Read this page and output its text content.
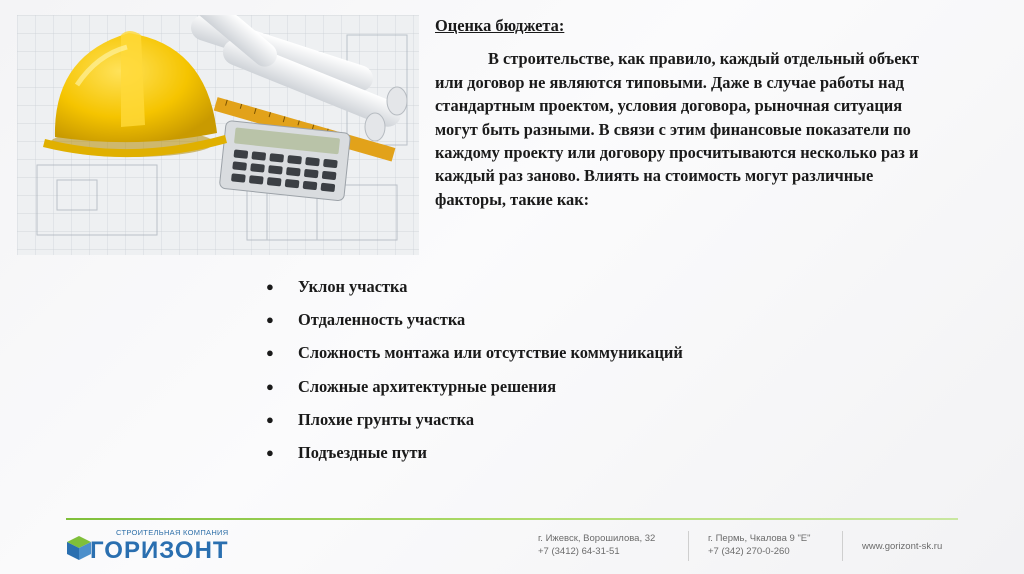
Оценка бюджета:
В строительстве, как правило, каждый отдельный объект или договор не являются типовыми. Даже в случае работы над стандартным проектом, условия договора, рыночная ситуация могут быть разными. В связи с этим финансовые показатели по каждому проекту или договору просчитываются несколько раз и каждый раз заново. Влиять на стоимость могут различные факторы, такие как:
●	Уклон участка
●	Отдаленность участка
●	Сложность монтажа или отсутствие коммуникаций
●	Сложные архитектурные решения
●	Плохие грунты участка
●	Подъездные пути
СТРОИТЕЛЬНАЯ КОМПАНИЯ
ГОРИЗОНТ	г. Ижевск, Ворошилова, 32
+7 (3412) 64-31-51
г. Пермь, Чкалова 9 "Е"
+7 (342) 270-0-260	www.gorizont-sk.ru
